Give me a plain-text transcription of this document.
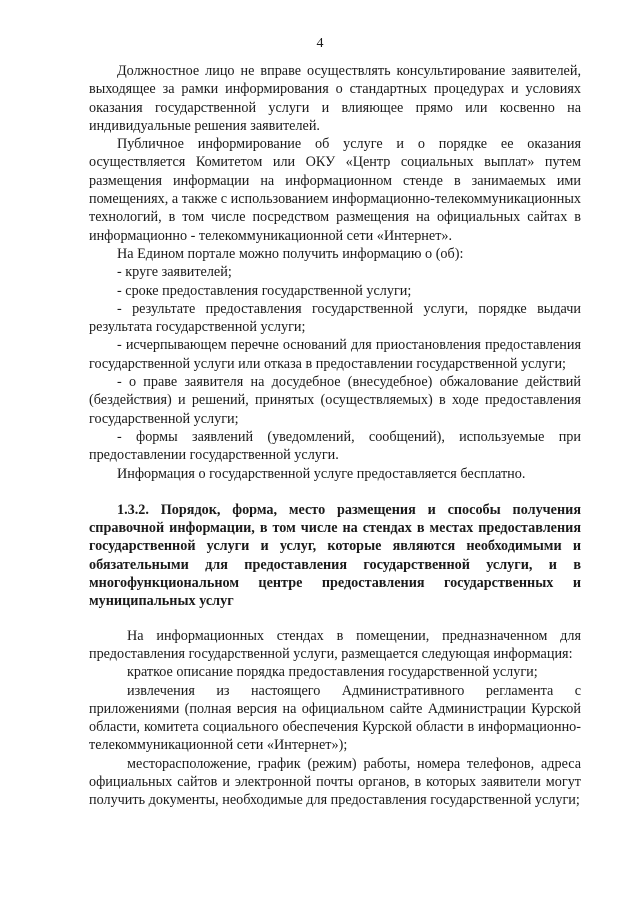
4

Должностное лицо не вправе осуществлять консультирование заявителей, выходящее за рамки информирования о стандартных процедурах и условиях оказания государственной услуги и влияющее прямо или косвенно на индивидуальные решения заявителей.

Публичное информирование об услуге и о порядке ее оказания осуществляется Комитетом или ОКУ «Центр социальных выплат» путем размещения информации на информационном стенде в занимаемых ими помещениях, а также с использованием информационно-телекоммуникационных технологий, в том числе посредством размещения на официальных сайтах в информационно - телекоммуникационной сети «Интернет».

На Едином портале можно получить информацию о (об):

- круге заявителей;

- сроке предоставления государственной услуги;

- результате предоставления государственной услуги, порядке выдачи результата государственной услуги;

- исчерпывающем перечне оснований для приостановления предоставления государственной услуги или отказа в предоставлении государственной услуги;

- о праве заявителя на досудебное (внесудебное) обжалование действий (бездействия) и решений, принятых (осуществляемых) в ходе предоставления государственной услуги;

- формы заявлений (уведомлений, сообщений), используемые при предоставлении государственной услуги.

Информация о государственной услуге предоставляется бесплатно.

1.3.2. Порядок, форма, место размещения и способы получения справочной информации, в том числе на стендах в местах предоставления государственной услуги и услуг, которые являются необходимыми и обязательными для предоставления государственной услуги, и в многофункциональном центре предоставления государственных и муниципальных услуг

На информационных стендах в помещении, предназначенном для предоставления государственной услуги, размещается следующая информация:

краткое описание порядка предоставления государственной услуги;

извлечения из настоящего Административного регламента с приложениями (полная версия на официальном сайте Администрации Курской области, комитета социального обеспечения Курской области в информационно-телекоммуникационной сети «Интернет»);

месторасположение, график (режим) работы, номера телефонов, адреса официальных сайтов и электронной почты органов, в которых заявители могут получить документы, необходимые для предоставления государственной услуги;
